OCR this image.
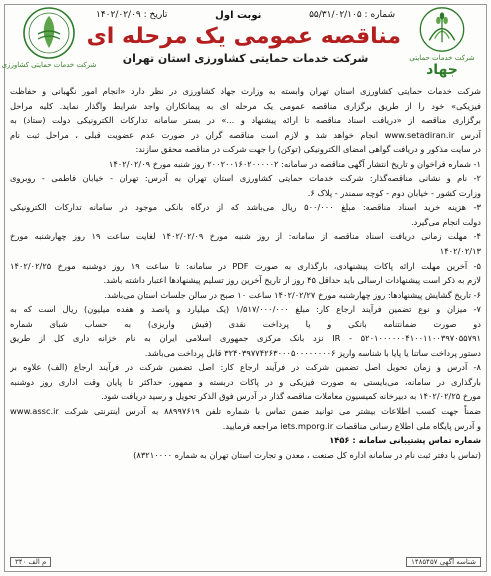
شرکت خدمات حمایتی
جهاد
شرکت خدمات حمایتی کشاورزی
شماره : ۵۵/۳۱/۰۲/۱۰۵
نوبت اول
تاریخ : ۱۴۰۲/۰۲/۰۹
مناقصه عمومی یک مرحله ای
شرکت خدمات حمایتی کشاورزی استان تهران
شرکت خدمات حمایتی کشاورزی استان تهران وابسته به وزارت جهاد کشاورزی در نظر دارد «انجام امور نگهبانی و حفاظت
فیزیکی» خود را از طریق برگزاری مناقصه عمومی یک مرحله ای به پیمانکاران واجد شرایط واگذار نماید. کلیه مراحل
برگزاری مناقصه از «دریافت اسناد مناقصه تا ارائه پیشنهاد و ...» در بستر سامانه تدارکات الکترونیکی دولت (ستاد) به
آدرس www.setadiran.ir انجام خواهد شد و لازم است مناقصه گران در صورت عدم عضویت قبلی ، مراحل ثبت نام
در سایت مذکور و دریافت گواهی امضای الکترونیکی (توکن) را جهت شرکت در مناقصه محقق سازند:
۱- شماره فراخوان و تاریخ انتشار آگهی مناقصه در سامانه: ۲۰۰۲۰۰۱۶۰۲۰۰۰۰۰۲ روز شنبه مورخ ۱۴۰۲/۰۲/۰۹
۲- نام و نشانی مناقصه‌گذار: شرکت خدمات حمایتی کشاورزی استان تهران به آدرس: تهران - خیابان فاطمی - روبروی
وزارت کشور - خیابان دوم - کوچه سمندر - پلاک ۶.
۳- هزینه خرید اسناد مناقصه: مبلغ ۵۰۰/۰۰۰ ریال می‌باشد که از درگاه بانکی موجود در سامانه تدارکات الکترونیکی
دولت انجام می‌گیرد.
۴- مهلت زمانی دریافت اسناد مناقصه از سامانه: از روز شنبه مورخ ۱۴۰۲/۰۲/۰۹ لغایت ساعت ۱۹ روز چهارشنبه مورخ
۱۴۰۲/۰۲/۱۳
۵- آخرین مهلت ارائه پاکات پیشنهادی، بارگذاری به صورت PDF در سامانه: تا ساعت ۱۹ روز دوشنبه مورخ ۱۴۰۲/۰۲/۲۵
لازم به ذکر است پیشنهادات ارسالی باید حداقل ۴۵ روز از تاریخ آخرین روز تسلیم پیشنهادها اعتبار داشته باشد.
۶- تاریخ گشایش پیشنهادها: روز چهارشنبه مورخ ۱۴۰۲/۰۲/۲۷ ساعت ۱۰ صبح در سالن جلسات استان می‌باشد.
۷- میزان و نوع تضمین فرآیند ارجاع کار: مبلغ ۱/۵۱۷/۰۰۰/۰۰۰ (یک میلیارد و پانصد و هفده میلیون) ریال است که به
دو صورت ضمانتنامه بانکی و یا پرداخت نقدی (فیش واریزی) به حساب شبای شماره
IR - ۵۲۰۱۰۰۰۰۰۰۴۱۰۰۱۱۰۰۳۹۷۰۵۵۷۹۱ نزد بانک مرکزی جمهوری اسلامی ایران به نام خزانه داری کل از طریق
دستور پرداخت ساتنا یا پایا با شناسه واریز ۳۲۴۰۳۹۷۷۴۲۶۳۰۰۰۵۰۰۰۰۰۰۰۰۶ قابل پرداخت می‌باشد.
۸- آدرس و زمان تحویل اصل تضمین شرکت در فرآیند ارجاع کار: اصل تضمین شرکت در فرآیند ارجاع (الف) علاوه بر
بارگذاری در سامانه، می‌بایستی به صورت فیزیکی و در پاکات دربسته و ممهور، حداکثر تا پایان وقت اداری روز دوشنبه
مورخ ۱۴۰۲/۰۲/۲۵ به دبیرخانه کمیسیون معاملات مناقصه گذار در آدرس فوق الذکر تحویل و رسید دریافت شود.
ضمناً جهت کسب اطلاعات بیشتر می توانید ضمن تماس با شماره تلفن ۸۸۹۹۷۶۱۹ به آدرس اینترنتی شرکت www.assc.ir
و آدرس پایگاه ملی اطلاع رسانی مناقصات iets.mporg.ir مراجعه فرمایید.
شماره تماس پشتیبانی سامانه : ۱۴۵۶
(تماس با دفتر ثبت نام در سامانه اداره کل صنعت ، معدن و تجارت استان تهران به شماره ۸۳۲۱۰۰۰۰)
شناسه آگهی ۱۴۸۵۴۵۷
م الف ۳۴۰
